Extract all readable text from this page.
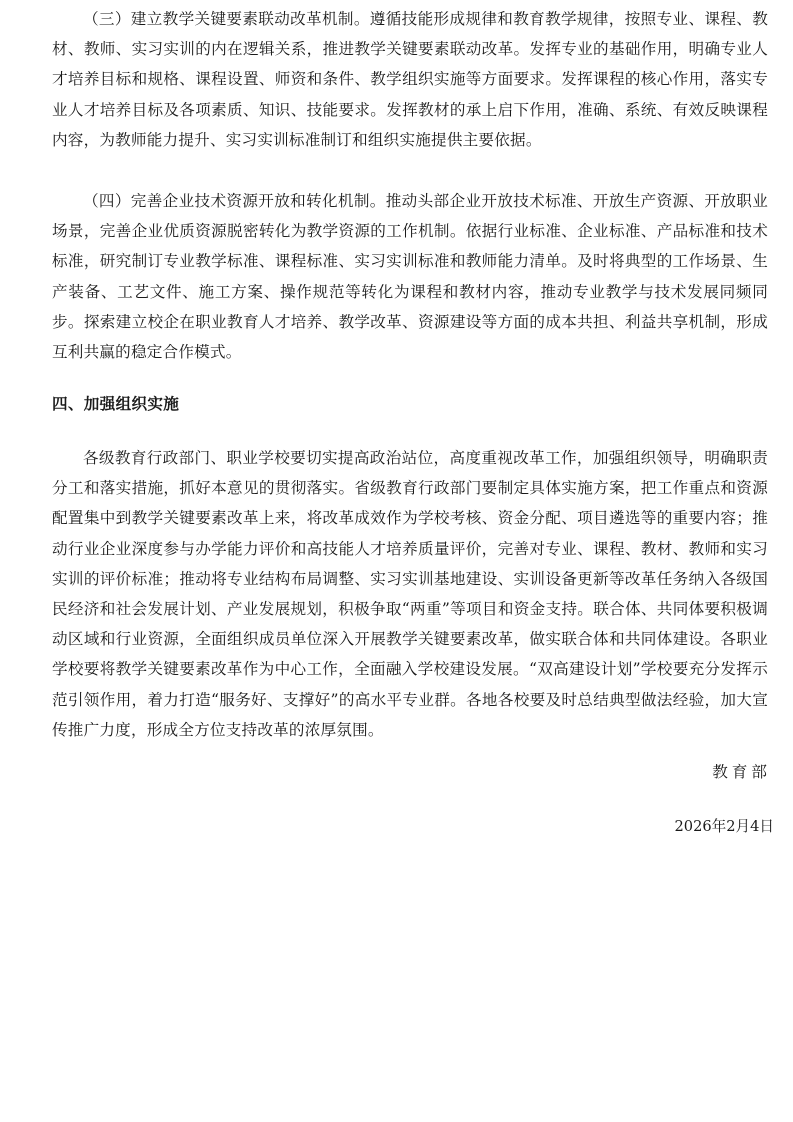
（三）建立教学关键要素联动改革机制。遵循技能形成规律和教育教学规律，按照专业、课程、教材、教师、实习实训的内在逻辑关系，推进教学关键要素联动改革。发挥专业的基础作用，明确专业人才培养目标和规格、课程设置、师资和条件、教学组织实施等方面要求。发挥课程的核心作用，落实专业人才培养目标及各项素质、知识、技能要求。发挥教材的承上启下作用，准确、系统、有效反映课程内容，为教师能力提升、实习实训标准制订和组织实施提供主要依据。

（四）完善企业技术资源开放和转化机制。推动头部企业开放技术标准、开放生产资源、开放职业场景，完善企业优质资源脱密转化为教学资源的工作机制。依据行业标准、企业标准、产品标准和技术标准，研究制订专业教学标准、课程标准、实习实训标准和教师能力清单。及时将典型的工作场景、生产装备、工艺文件、施工方案、操作规范等转化为课程和教材内容，推动专业教学与技术发展同频同步。探索建立校企在职业教育人才培养、教学改革、资源建设等方面的成本共担、利益共享机制，形成互利共赢的稳定合作模式。

四、加强组织实施

各级教育行政部门、职业学校要切实提高政治站位，高度重视改革工作，加强组织领导，明确职责分工和落实措施，抓好本意见的贯彻落实。省级教育行政部门要制定具体实施方案，把工作重点和资源配置集中到教学关键要素改革上来，将改革成效作为学校考核、资金分配、项目遴选等的重要内容；推动行业企业深度参与办学能力评价和高技能人才培养质量评价，完善对专业、课程、教材、教师和实习实训的评价标准；推动将专业结构布局调整、实习实训基地建设、实训设备更新等改革任务纳入各级国民经济和社会发展计划、产业发展规划，积极争取“两重”等项目和资金支持。联合体、共同体要积极调动区域和行业资源，全面组织成员单位深入开展教学关键要素改革，做实联合体和共同体建设。各职业学校要将教学关键要素改革作为中心工作，全面融入学校建设发展。“双高建设计划”学校要充分发挥示范引领作用，着力打造“服务好、支撑好”的高水平专业群。各地各校要及时总结典型做法经验，加大宣传推广力度，形成全方位支持改革的浓厚氛围。

教育部

2026年2月4日
